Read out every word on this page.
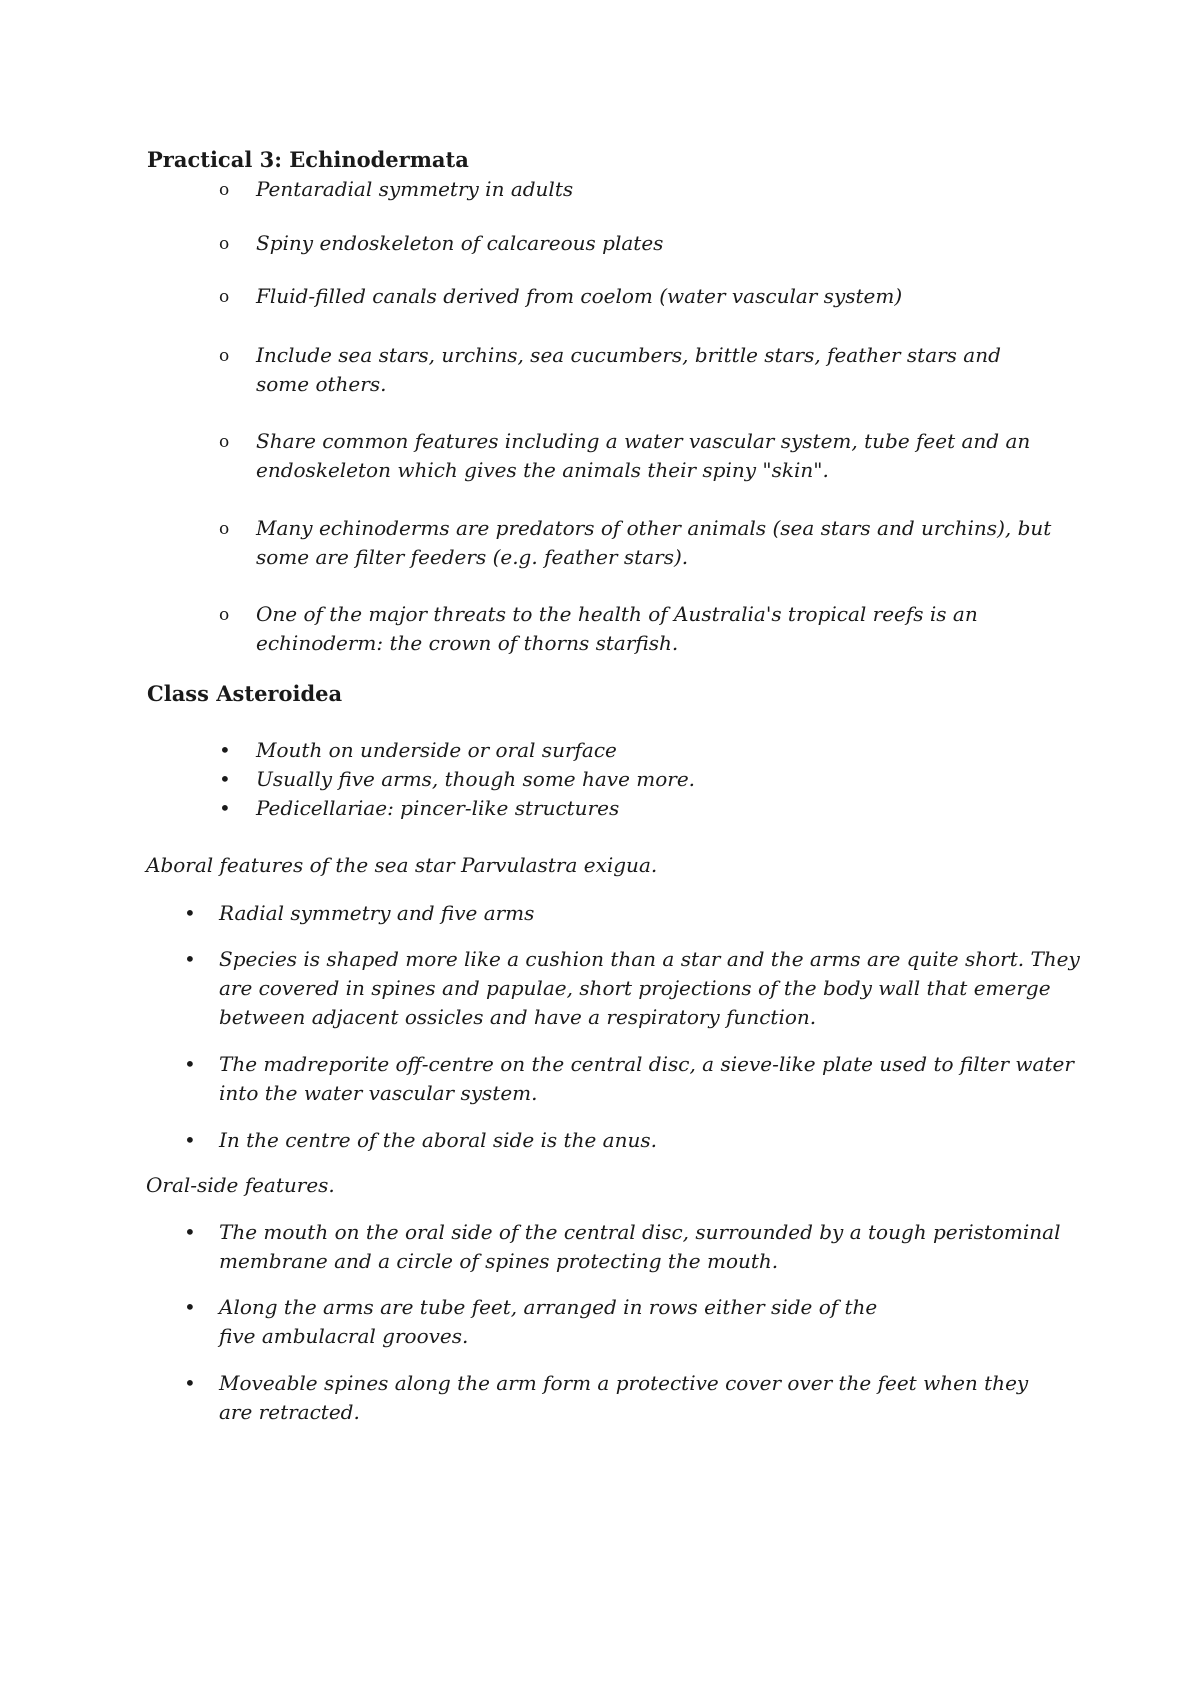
Practical 3: Echinodermata
o Pentaradial symmetry in adults
o Spiny endoskeleton of calcareous plates
o Fluid-filled canals derived from coelom (water vascular system)
o Include sea stars, urchins, sea cucumbers, brittle stars, feather stars and some others.
o Share common features including a water vascular system, tube feet and an endoskeleton which gives the animals their spiny "skin".
o Many echinoderms are predators of other animals (sea stars and urchins), but some are filter feeders (e.g. feather stars).
o One of the major threats to the health of Australia's tropical reefs is an echinoderm: the crown of thorns starfish.
Class Asteroidea
• Mouth on underside or oral surface
• Usually five arms, though some have more.
• Pedicellariae: pincer-like structures
Aboral features of the sea star Parvulastra exigua.
• Radial symmetry and five arms
• Species is shaped more like a cushion than a star and the arms are quite short. They are covered in spines and papulae, short projections of the body wall that emerge between adjacent ossicles and have a respiratory function.
• The madreporite off-centre on the central disc, a sieve-like plate used to filter water into the water vascular system.
• In the centre of the aboral side is the anus.
Oral-side features.
• The mouth on the oral side of the central disc, surrounded by a tough peristominal membrane and a circle of spines protecting the mouth.
• Along the arms are tube feet, arranged in rows either side of the five ambulacral grooves.
• Moveable spines along the arm form a protective cover over the feet when they are retracted.
